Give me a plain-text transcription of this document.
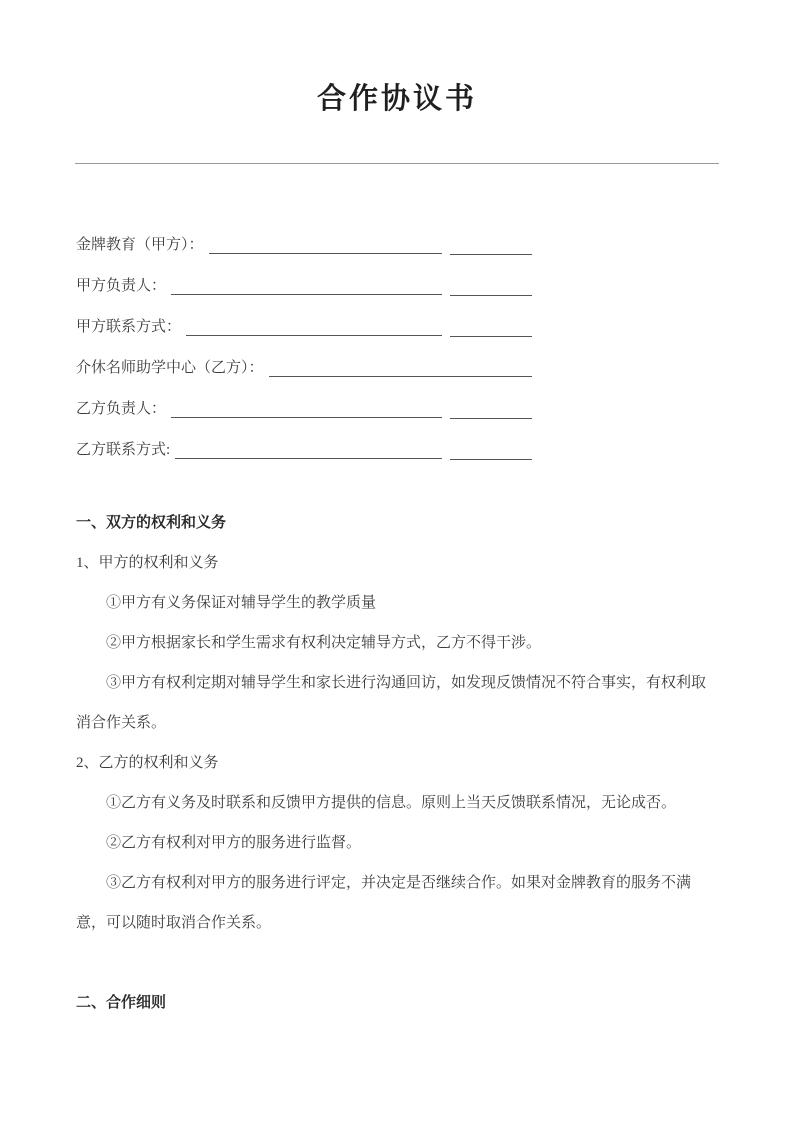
合作协议书
金牌教育（甲方）：
甲方负责人：
甲方联系方式：
介休名师助学中心（乙方）：
乙方负责人：
乙方联系方式:

一、双方的权利和义务

1、甲方的权利和义务

①甲方有义务保证对辅导学生的教学质量

②甲方根据家长和学生需求有权利决定辅导方式，乙方不得干涉。

③甲方有权利定期对辅导学生和家长进行沟通回访，如发现反馈情况不符合事实，有权利取消合作关系。

2、乙方的权利和义务

①乙方有义务及时联系和反馈甲方提供的信息。原则上当天反馈联系情况，无论成否。

②乙方有权利对甲方的服务进行监督。

③乙方有权利对甲方的服务进行评定，并决定是否继续合作。如果对金牌教育的服务不满意，可以随时取消合作关系。

二、合作细则
